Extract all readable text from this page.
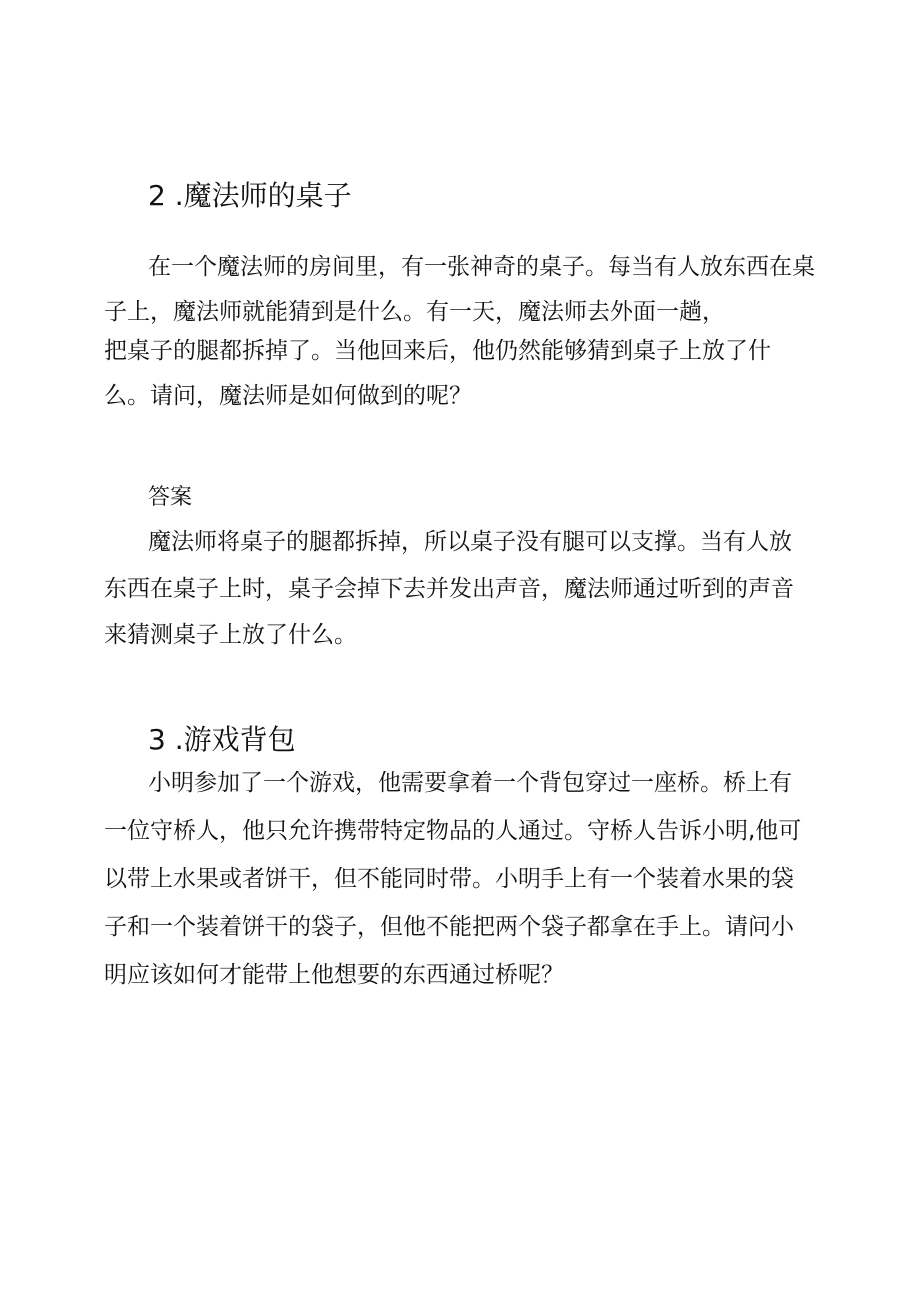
2 .魔法师的桌子

在一个魔法师的房间里，有一张神奇的桌子。每当有人放东西在桌

子上，魔法师就能猜到是什么。有一天，魔法师去外面一趟，

把桌子的腿都拆掉了。当他回来后，他仍然能够猜到桌子上放了什

么。请问，魔法师是如何做到的呢？

答案

魔法师将桌子的腿都拆掉，所以桌子没有腿可以支撑。当有人放

东西在桌子上时，桌子会掉下去并发出声音，魔法师通过听到的声音

来猜测桌子上放了什么。

3 .游戏背包

小明参加了一个游戏，他需要拿着一个背包穿过一座桥。桥上有

一位守桥人，他只允许携带特定物品的人通过。守桥人告诉小明,他可

以带上水果或者饼干，但不能同时带。小明手上有一个装着水果的袋

子和一个装着饼干的袋子，但他不能把两个袋子都拿在手上。请问小

明应该如何才能带上他想要的东西通过桥呢？
